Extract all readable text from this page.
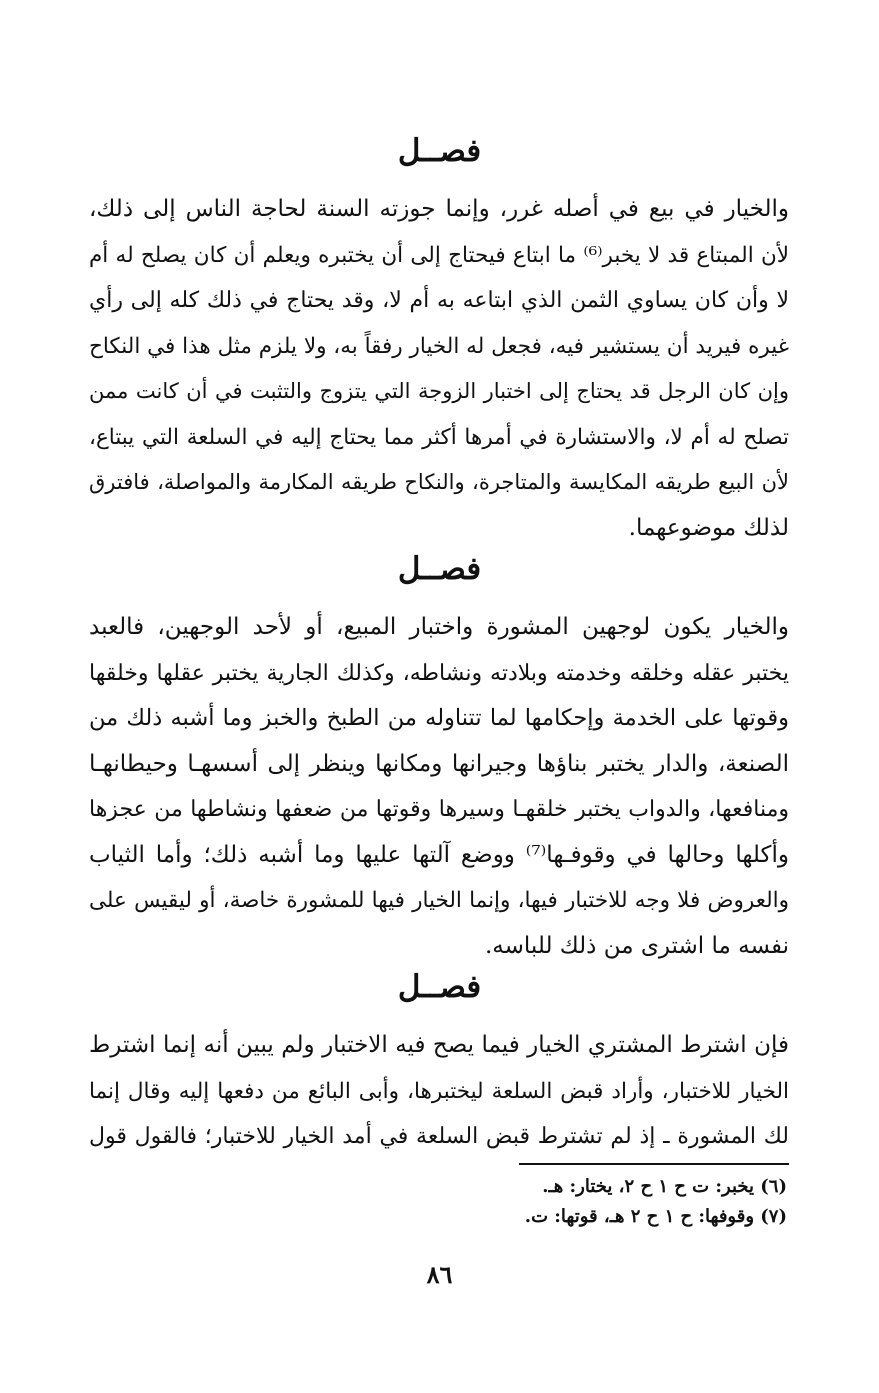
فصــل
والخيار في بيع في أصله غرر، وإنما جوزته السنة لحاجة الناس إلى ذلك،
لأن المبتاع قد لا يخبر⁽⁶⁾ ما ابتاع فيحتاج إلى أن يختبره ويعلم أن كان يصلح له أم
لا وأن كان يساوي الثمن الذي ابتاعه به أم لا، وقد يحتاج في ذلك كله إلى رأي
غيره فيريد أن يستشير فيه، فجعل له الخيار رفقاً به، ولا يلزم مثل هذا في النكاح
وإن كان الرجل قد يحتاج إلى اختبار الزوجة التي يتزوج والتثبت في أن كانت ممن
تصلح له أم لا، والاستشارة في أمرها أكثر مما يحتاج إليه في السلعة التي يبتاع،
لأن البيع طريقه المكايسة والمتاجرة، والنكاح طريقه المكارمة والمواصلة، فافترق
لذلك موضوعهما.
فصــل
والخيار يكون لوجهين المشورة واختبار المبيع، أو لأحد الوجهين، فالعبد
يختبر عقله وخلقه وخدمته وبلادته ونشاطه، وكذلك الجارية يختبر عقلها وخلقها
وقوتها على الخدمة وإحكامها لما تتناوله من الطبخ والخبز وما أشبه ذلك من
الصنعة، والدار يختبر بناؤها وجيرانها ومكانها وينظر إلى أسسهـا وحيطانهـا
ومنافعها، والدواب يختبر خلقهـا وسيرها وقوتها من ضعفها ونشاطها من عجزها
وأكلها وحالها في وقوفـها⁽⁷⁾ ووضع آلتها عليها وما أشبه ذلك؛ وأما الثياب
والعروض فلا وجه للاختبار فيها، وإنما الخيار فيها للمشورة خاصة، أو ليقيس على
نفسه ما اشترى من ذلك للباسه.
فصــل
فإن اشترط المشتري الخيار فيما يصح فيه الاختبار ولم يبين أنه إنما اشترط
الخيار للاختبار، وأراد قبض السلعة ليختبرها، وأبى البائع من دفعها إليه وقال إنما
لك المشورة ـ إذ لم تشترط قبض السلعة في أمد الخيار للاختبار؛ فالقول قول
(٦) يخبر: ت ح ١ ح ٢، يختار: هـ.
(٧) وقوفها: ح ١ ح ٢ هـ، قوتها: ت.
٨٦
